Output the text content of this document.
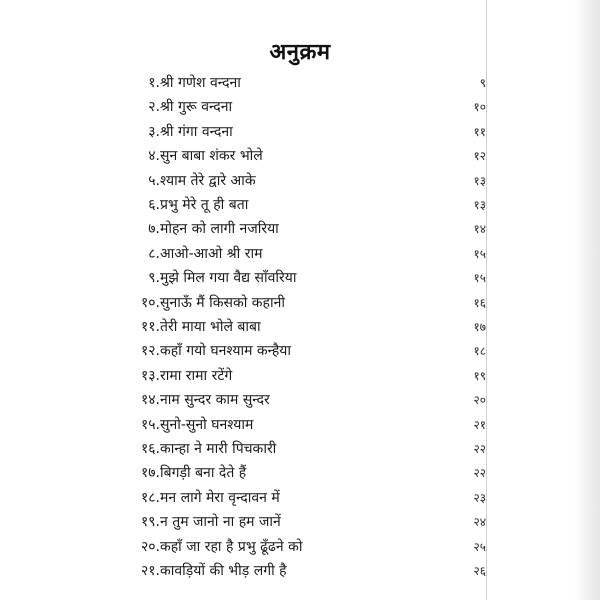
अनुक्रम
१. श्री गणेश वन्दना	९
२. श्री गुरू वन्दना	१०
३. श्री गंगा वन्दना	११
४. सुन बाबा शंकर भोले	१२
५. श्याम तेरे द्वारे आके	१३
६. प्रभु मेरे तू ही बता	१३
७. मोहन को लागी नजरिया	१४
८. आओ-आओ श्री राम	१५
९. मुझे मिल गया वैद्य साँवरिया	१५
१०. सुनाऊँ मैं किसको कहानी	१६
११. तेरी माया भोले बाबा	१७
१२. कहाँ गयो घनश्याम कन्हैया	१८
१३. रामा रामा रटेंगे	१९
१४. नाम सुन्दर काम सुन्दर	२०
१५. सुनो-सुनो घनश्याम	२१
१६. कान्हा ने मारी पिचकारी	२२
१७. बिगड़ी बना देते हैं	२२
१८. मन लागे मेरा वृन्दावन में	२३
१९. न तुम जानो ना हम जानें	२४
२०. कहाँ जा रहा है प्रभु ढूँढने को	२५
२१. कावड़ियों की भीड़ लगी है	२६
